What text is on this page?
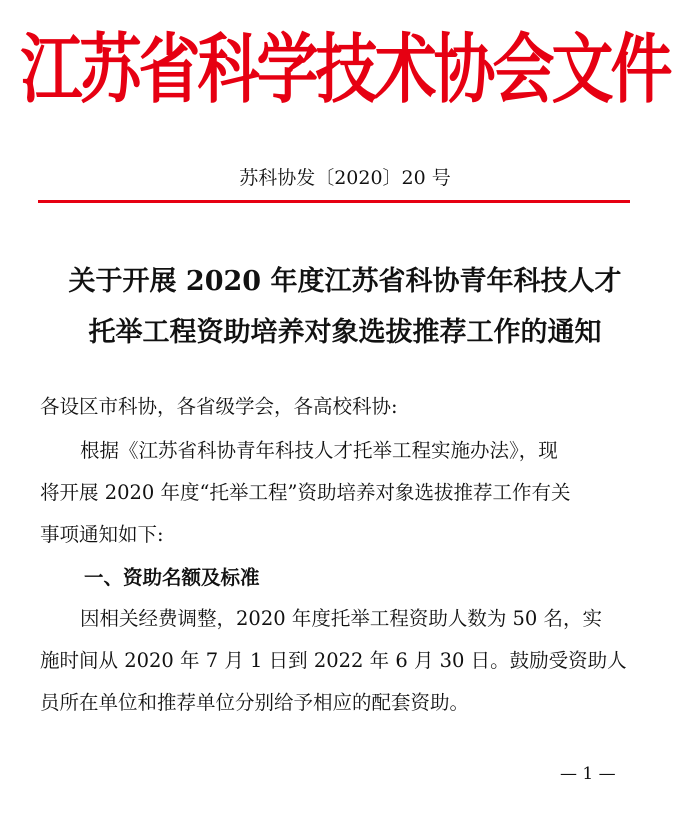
江苏省科学技术协会文件
苏科协发〔2020〕20 号
关于开展 2020 年度江苏省科协青年科技人才
托举工程资助培养对象选拔推荐工作的通知
各设区市科协，各省级学会，各高校科协:
根据《江苏省科协青年科技人才托举工程实施办法》，现
将开展 2020 年度“托举工程”资助培养对象选拔推荐工作有关
事项通知如下:
一、资助名额及标准
因相关经费调整，2020 年度托举工程资助人数为 50 名，实
施时间从 2020 年 7 月 1 日到 2022 年 6 月 30 日。鼓励受资助人
员所在单位和推荐单位分别给予相应的配套资助。
— 1 —
